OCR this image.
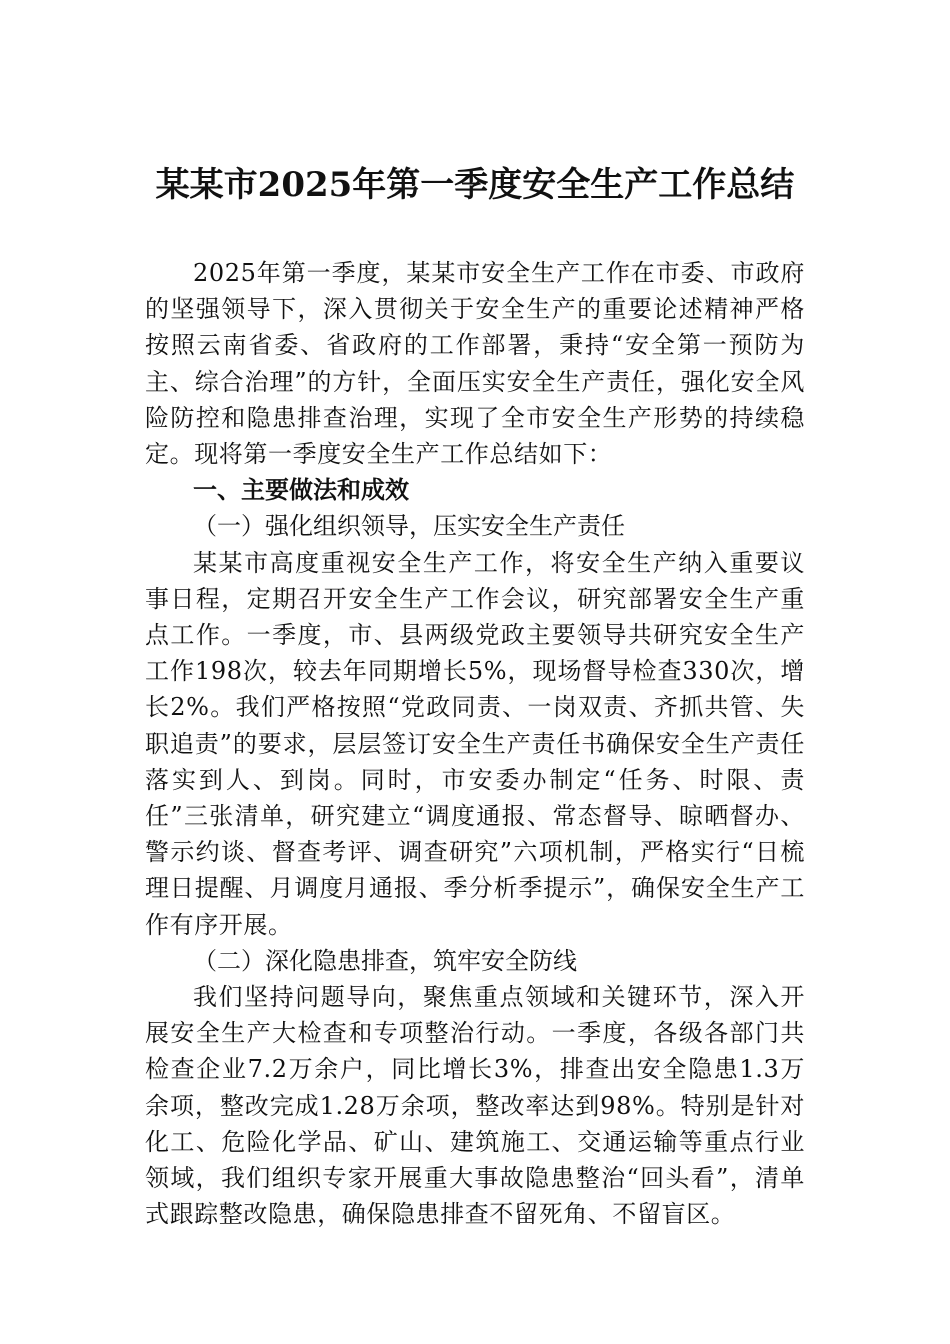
某某市2025年第一季度安全生产工作总结

2025年第一季度，某某市安全生产工作在市委、市政府的坚强领导下，深入贯彻关于安全生产的重要论述精神严格按照云南省委、省政府的工作部署，秉持“安全第一预防为主、综合治理”的方针，全面压实安全生产责任，强化安全风险防控和隐患排查治理，实现了全市安全生产形势的持续稳定。现将第一季度安全生产工作总结如下：

一、主要做法和成效

（一）强化组织领导，压实安全生产责任

某某市高度重视安全生产工作，将安全生产纳入重要议事日程，定期召开安全生产工作会议，研究部署安全生产重点工作。一季度，市、县两级党政主要领导共研究安全生产工作198次，较去年同期增长5%，现场督导检查330次，增长2%。我们严格按照“党政同责、一岗双责、齐抓共管、失职追责”的要求，层层签订安全生产责任书确保安全生产责任落实到人、到岗。同时，市安委办制定“任务、时限、责任”三张清单，研究建立“调度通报、常态督导、晾晒督办、警示约谈、督查考评、调查研究”六项机制，严格实行“日梳理日提醒、月调度月通报、季分析季提示”，确保安全生产工作有序开展。

（二）深化隐患排查，筑牢安全防线

我们坚持问题导向，聚焦重点领域和关键环节，深入开展安全生产大检查和专项整治行动。一季度，各级各部门共检查企业7.2万余户，同比增长3%，排查出安全隐患1.3万余项，整改完成1.28万余项，整改率达到98%。特别是针对化工、危险化学品、矿山、建筑施工、交通运输等重点行业领域，我们组织专家开展重大事故隐患整治“回头看”，清单式跟踪整改隐患，确保隐患排查不留死角、不留盲区。
